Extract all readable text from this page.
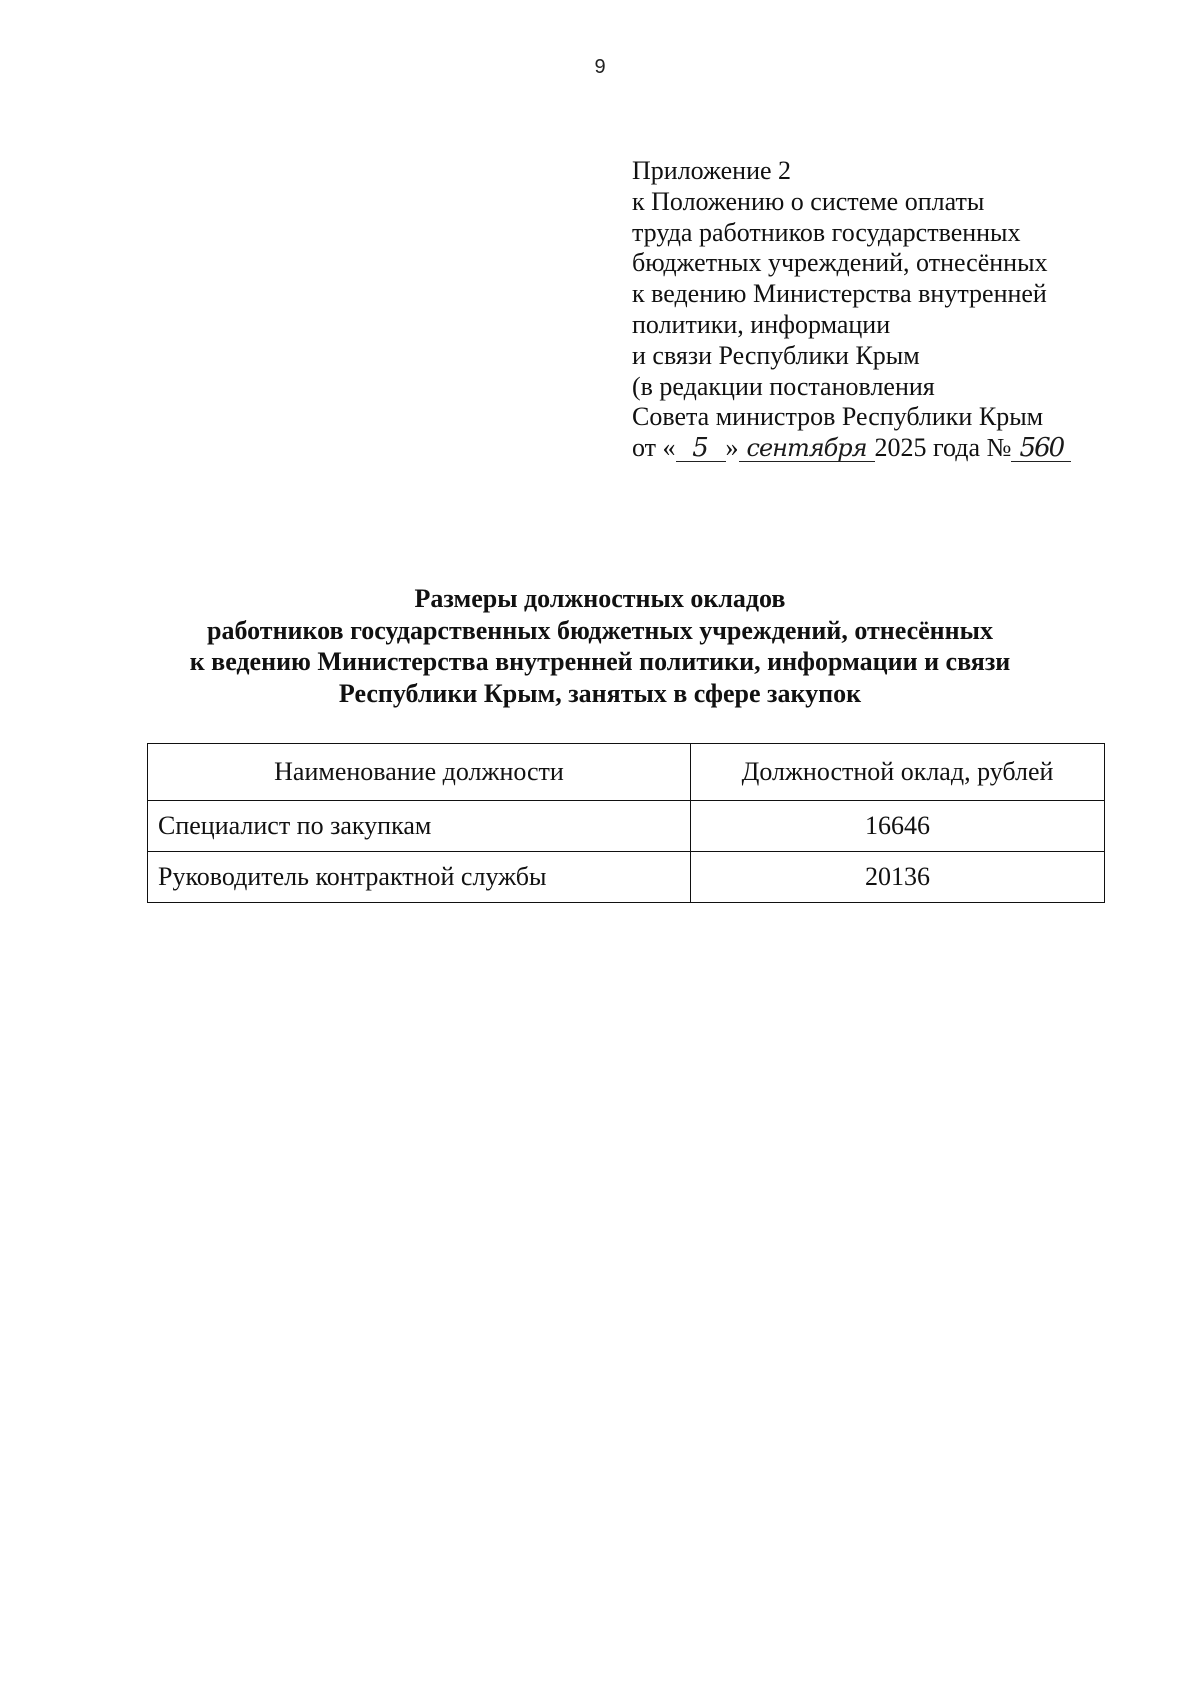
9
Приложение 2
к Положению о системе оплаты
труда работников государственных
бюджетных учреждений, отнесённых
к ведению Министерства внутренней
политики, информации
и связи Республики Крым
(в редакции постановления
Совета министров Республики Крым
от « 5 » сентября 2025 года № 560
Размеры должностных окладов
работников государственных бюджетных учреждений, отнесённых
к ведению Министерства внутренней политики, информации и связи
Республики Крым, занятых в сфере закупок
Наименование должности	Должностной оклад, рублей
Специалист по закупкам	16646
Руководитель контрактной службы	20136
